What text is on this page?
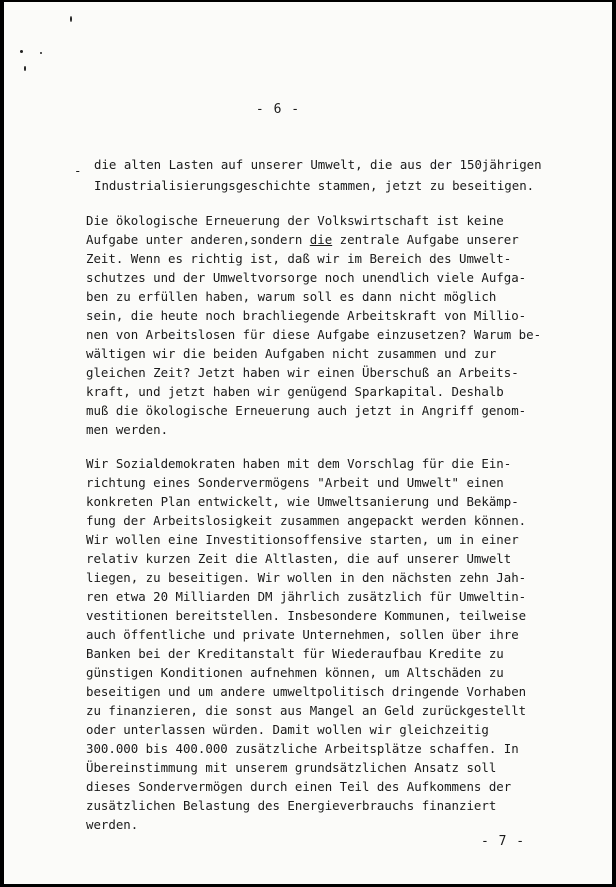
- 6 -
- die alten Lasten auf unserer Umwelt, die aus der 150jährigen
Industrialisierungsgeschichte stammen, jetzt zu beseitigen.
Die ökologische Erneuerung der Volkswirtschaft ist keine
Aufgabe unter anderen,sondern die zentrale Aufgabe unserer
Zeit. Wenn es richtig ist, daß wir im Bereich des Umwelt-
schutzes und der Umweltvorsorge noch unendlich viele Aufga-
ben zu erfüllen haben, warum soll es dann nicht möglich
sein, die heute noch brachliegende Arbeitskraft von Millio-
nen von Arbeitslosen für diese Aufgabe einzusetzen? Warum be-
wältigen wir die beiden Aufgaben nicht zusammen und zur
gleichen Zeit? Jetzt haben wir einen Überschuß an Arbeits-
kraft, und jetzt haben wir genügend Sparkapital. Deshalb
muß die ökologische Erneuerung auch jetzt in Angriff genom-
men werden.
Wir Sozialdemokraten haben mit dem Vorschlag für die Ein-
richtung eines Sondervermögens "Arbeit und Umwelt" einen
konkreten Plan entwickelt, wie Umweltsanierung und Bekämp-
fung der Arbeitslosigkeit zusammen angepackt werden können.
Wir wollen eine Investitionsoffensive starten, um in einer
relativ kurzen Zeit die Altlasten, die auf unserer Umwelt
liegen, zu beseitigen. Wir wollen in den nächsten zehn Jah-
ren etwa 20 Milliarden DM jährlich zusätzlich für Umweltin-
vestitionen bereitstellen. Insbesondere Kommunen, teilweise
auch öffentliche und private Unternehmen, sollen über ihre
Banken bei der Kreditanstalt für Wiederaufbau Kredite zu
günstigen Konditionen aufnehmen können, um Altschäden zu
beseitigen und um andere umweltpolitisch dringende Vorhaben
zu finanzieren, die sonst aus Mangel an Geld zurückgestellt
oder unterlassen würden. Damit wollen wir gleichzeitig
300.000 bis 400.000 zusätzliche Arbeitsplätze schaffen. In
Übereinstimmung mit unserem grundsätzlichen Ansatz soll
dieses Sondervermögen durch einen Teil des Aufkommens der
zusätzlichen Belastung des Energieverbrauchs finanziert
werden.
- 7 -
